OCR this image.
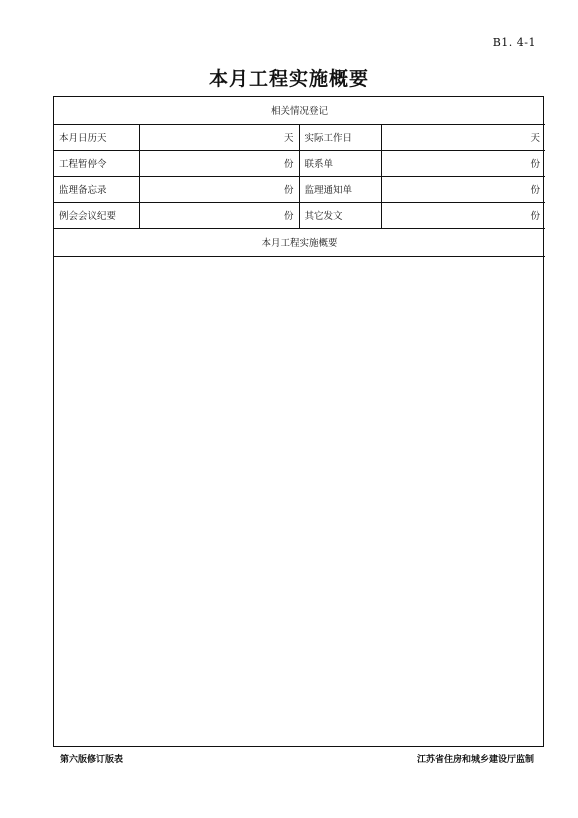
B1. 4-1
本月工程实施概要
相关情况登记			
本月日历天	天	实际工作日	天
工程暂停令	份	联系单	份
监理备忘录	份	监理通知单	份
例会会议纪要	份	其它发文	份
本月工程实施概要			
第六版修订版表	江苏省住房和城乡建设厅监制
